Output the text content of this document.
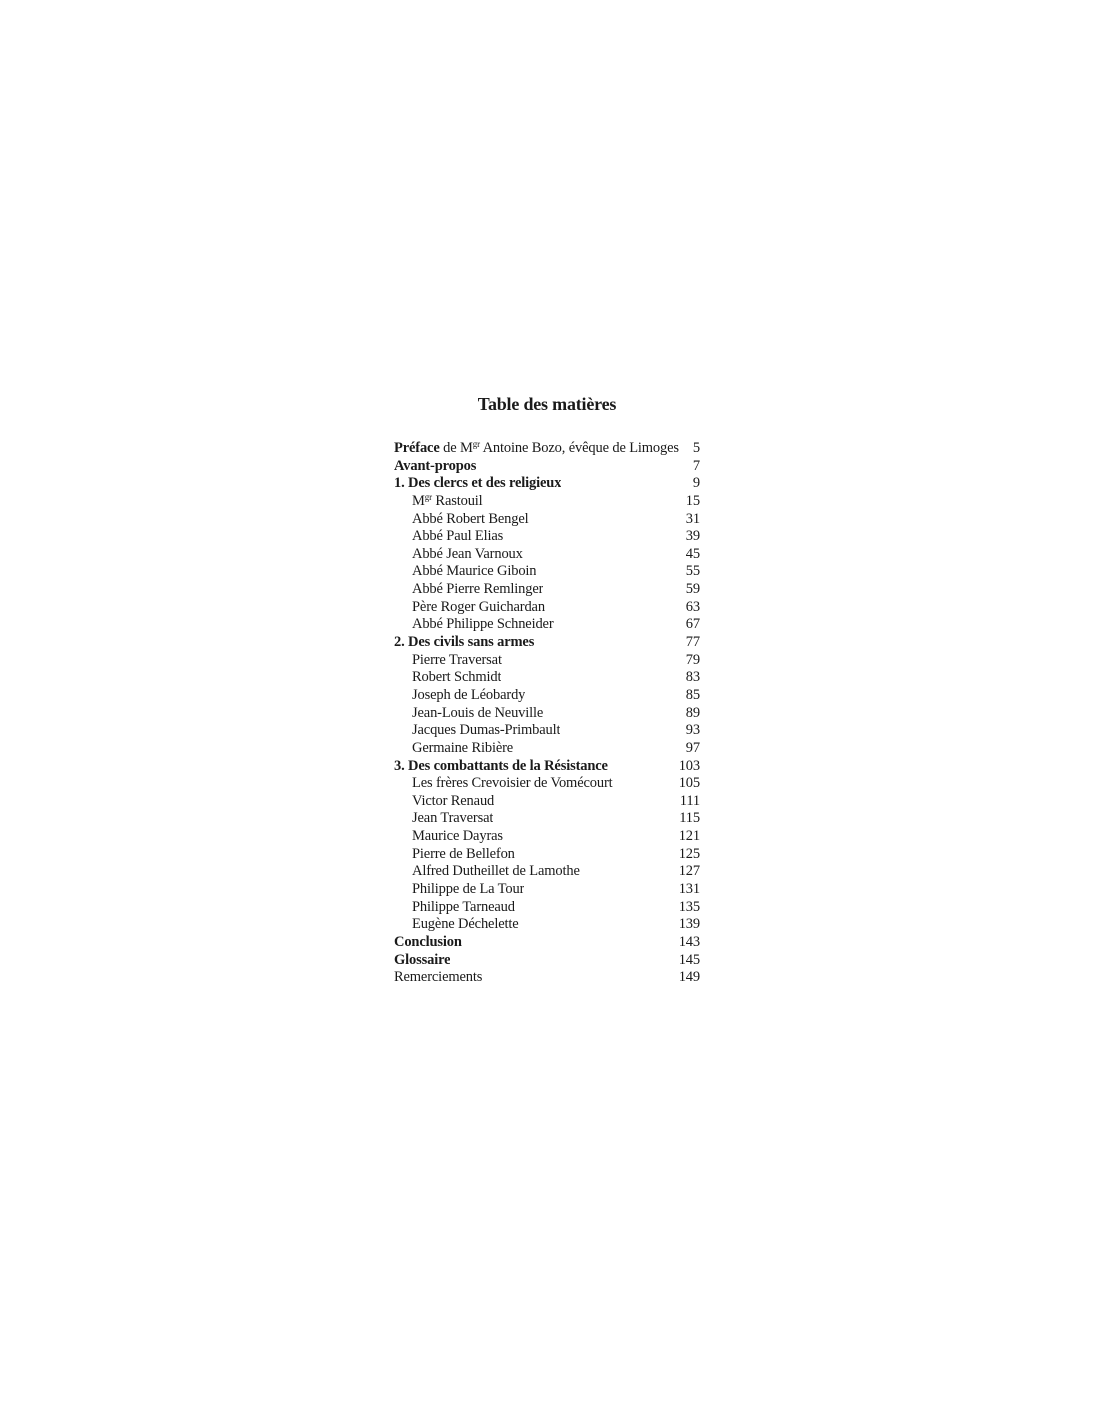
Table des matières
Préface de $M^{gr}$ Antoine Bozo, évêque de Limoges 5
Avant-propos	7
1. Des clercs et des religieux	9
$M^{gr}$ Rastouil	15
Abbé Robert Bengel	31
Abbé Paul Elias	39
Abbé Jean Varnoux	45
Abbé Maurice Giboin	55
Abbé Pierre Remlinger	59
Père Roger Guichardan	63
Abbé Philippe Schneider	67
2. Des civils sans armes	77
Pierre Traversat	79
Robert Schmidt	83
Joseph de Léobardy	85
Jean-Louis de Neuville	89
Jacques Dumas-Primbault	93
Germaine Ribière	97
3. Des combattants de la Résistance	103
Les frères Crevoisier de Vomécourt	105
Victor Renaud	111
Jean Traversat	115
Maurice Dayras	121
Pierre de Bellefon	125
Alfred Dutheillet de Lamothe	127
Philippe de La Tour	131
Philippe Tarneaud	135
Eugène Déchelette	139
Conclusion	143
Glossaire	145
Remerciements	149
